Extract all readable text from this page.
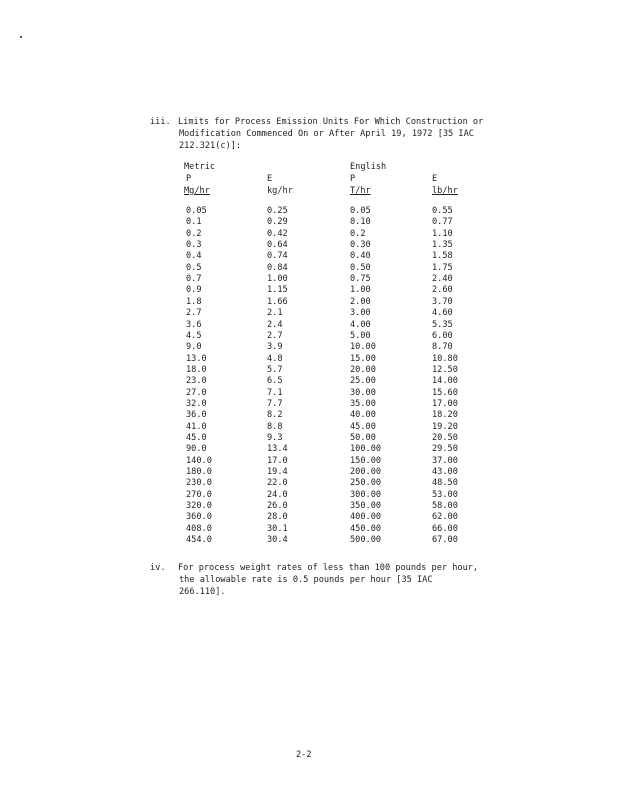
iii. Limits for Process Emission Units For Which Construction or
Modification Commenced On or After April 19, 1972 [35 IAC
212.321(c)]:
Metric	English
P	E	P	E
Mg/hr	kg/hr	T/hr	lb/hr
0.05	0.25	0.05	0.55
0.1	0.29	0.10	0.77
0.2	0.42	0.2	1.10
0.3	0.64	0.30	1.35
0.4	0.74	0.40	1.58
0.5	0.84	0.50	1.75
0.7	1.00	0.75	2.40
0.9	1.15	1.00	2.60
1.8	1.66	2.00	3.70
2.7	2.1	3.00	4.60
3.6	2.4	4.00	5.35
4.5	2.7	5.00	6.00
9.0	3.9	10.00	8.70
13.0	4.8	15.00	10.80
18.0	5.7	20.00	12.50
23.0	6.5	25.00	14.00
27.0	7.1	30.00	15.60
32.0	7.7	35.00	17.00
36.0	8.2	40.00	18.20
41.0	8.8	45.00	19.20
45.0	9.3	50.00	20.50
90.0	13.4	100.00	29.50
140.0	17.0	150.00	37.00
180.0	19.4	200.00	43.00
230.0	22.0	250.00	48.50
270.0	24.0	300.00	53.00
320.0	26.0	350.00	58.00
360.0	28.0	400.00	62.00
408.0	30.1	450.00	66.00
454.0	30.4	500.00	67.00
iv. For process weight rates of less than 100 pounds per hour,
the allowable rate is 0.5 pounds per hour [35 IAC
266.110].
2-2
